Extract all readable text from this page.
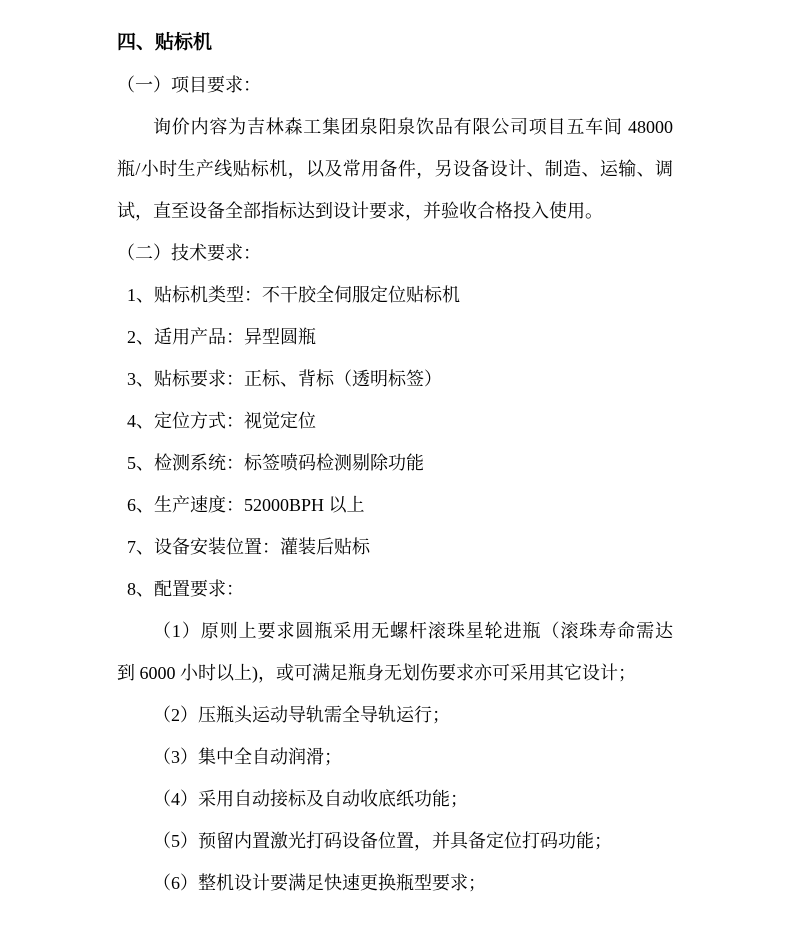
四、贴标机
（一）项目要求：
询价内容为吉林森工集团泉阳泉饮品有限公司项目五车间 48000
瓶/小时生产线贴标机，以及常用备件，另设备设计、制造、运输、调
试，直至设备全部指标达到设计要求，并验收合格投入使用。
（二）技术要求：
1、贴标机类型：不干胶全伺服定位贴标机
2、适用产品：异型圆瓶
3、贴标要求：正标、背标（透明标签）
4、定位方式：视觉定位
5、检测系统：标签喷码检测剔除功能
6、生产速度：52000BPH 以上
7、设备安装位置：灌装后贴标
8、配置要求：
（1）原则上要求圆瓶采用无螺杆滚珠星轮进瓶（滚珠寿命需达
到 6000 小时以上)，或可满足瓶身无划伤要求亦可采用其它设计；
（2）压瓶头运动导轨需全导轨运行；
（3）集中全自动润滑；
（4）采用自动接标及自动收底纸功能；
（5）预留内置激光打码设备位置，并具备定位打码功能；
（6）整机设计要满足快速更换瓶型要求；
